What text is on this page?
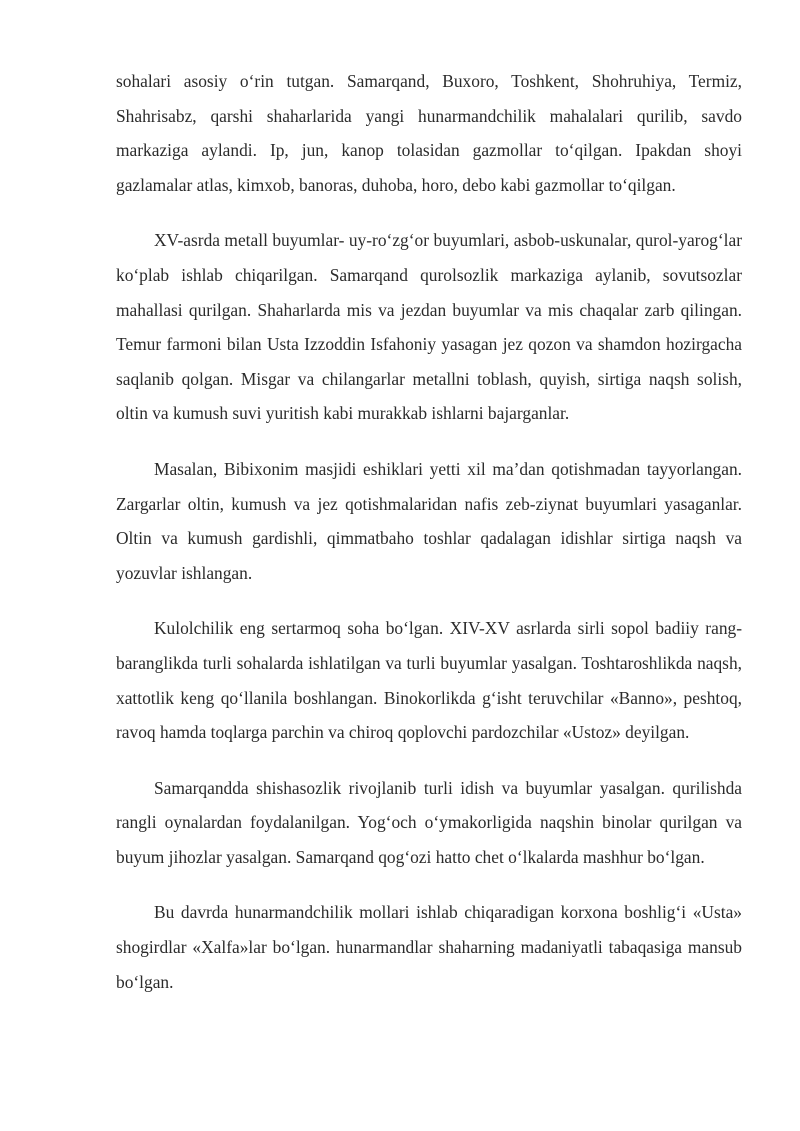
sohalari asosiy o‘rin tutgan. Samarqand, Buxoro, Toshkent, Shohruhiya, Termiz, Shahrisabz, qarshi shaharlarida yangi hunarmandchilik mahalalari qurilib, savdo markaziga aylandi. Ip, jun, kanop tolasidan gazmollar to‘qilgan. Ipakdan shoyi gazlamalar atlas, kimxob, banoras, duhoba, horo, debo kabi gazmollar to‘qilgan.

XV-asrda metall buyumlar- uy-ro‘zg‘or buyumlari, asbob-uskunalar, qurol-yarog‘lar ko‘plab ishlab chiqarilgan. Samarqand qurolsozlik markaziga aylanib, sovutsozlar mahallasi qurilgan. Shaharlarda mis va jezdan buyumlar va mis chaqalar zarb qilingan. Temur farmoni bilan Usta Izzoddin Isfahoniy yasagan jez qozon va shamdon hozirgacha saqlanib qolgan. Misgar va chilangarlar metallni toblash, quyish, sirtiga naqsh solish, oltin va kumush suvi yuritish kabi murakkab ishlarni bajarganlar.

Masalan, Bibixonim masjidi eshiklari yetti xil ma’dan qotishmadan tayyorlangan. Zargarlar oltin, kumush va jez qotishmalaridan nafis zeb-ziynat buyumlari yasaganlar. Oltin va kumush gardishli, qimmatbaho toshlar qadalagan idishlar sirtiga naqsh va yozuvlar ishlangan.

Kulolchilik eng sertarmoq soha bo‘lgan. XIV-XV asrlarda sirli sopol badiiy rang-baranglikda turli sohalarda ishlatilgan va turli buyumlar yasalgan. Toshtaroshlikda naqsh, xattotlik keng qo‘llanila boshlangan. Binokorlikda g‘isht teruvchilar «Banno», peshtoq, ravoq hamda toqlarga parchin va chiroq qoplovchi pardozchilar «Ustoz» deyilgan.

Samarqandda shishasozlik rivojlanib turli idish va buyumlar yasalgan. qurilishda rangli oynalardan foydalanilgan. Yog‘och o‘ymakorligida naqshin binolar qurilgan va buyum jihozlar yasalgan. Samarqand qog‘ozi hatto chet o‘lkalarda mashhur bo‘lgan.

Bu davrda hunarmandchilik mollari ishlab chiqaradigan korxona boshlig‘i «Usta» shogirdlar «Xalfa»lar bo‘lgan. hunarmandlar shaharning madaniyatli tabaqasiga mansub bo‘lgan.
